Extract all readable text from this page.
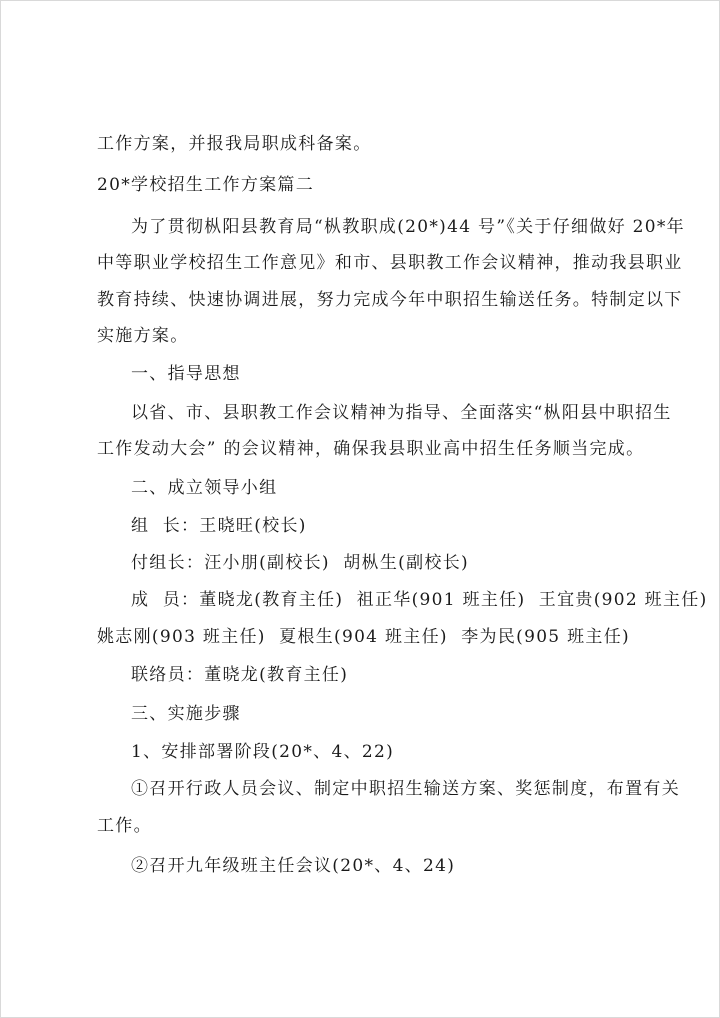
工作方案，并报我局职成科备案。
20*学校招生工作方案篇二
为了贯彻枞阳县教育局“枞教职成(20*)44 号”《关于仔细做好 20*年
中等职业学校招生工作意见》和市、县职教工作会议精神，推动我县职业
教育持续、快速协调进展，努力完成今年中职招生输送任务。特制定以下
实施方案。
一、指导思想
以省、市、县职教工作会议精神为指导、全面落实“枞阳县中职招生
工作发动大会” 的会议精神，确保我县职业高中招生任务顺当完成。
二、成立领导小组
组  长：王晓旺(校长)
付组长：汪小朋(副校长)  胡枞生(副校长)
成  员：董晓龙(教育主任)  祖正华(901 班主任)  王宜贵(902 班主任)
姚志刚(903 班主任)  夏根生(904 班主任)  李为民(905 班主任)
联络员：董晓龙(教育主任)
三、实施步骤
1、安排部署阶段(20*、4、22)
①召开行政人员会议、制定中职招生输送方案、奖惩制度，布置有关
工作。
②召开九年级班主任会议(20*、4、24)
